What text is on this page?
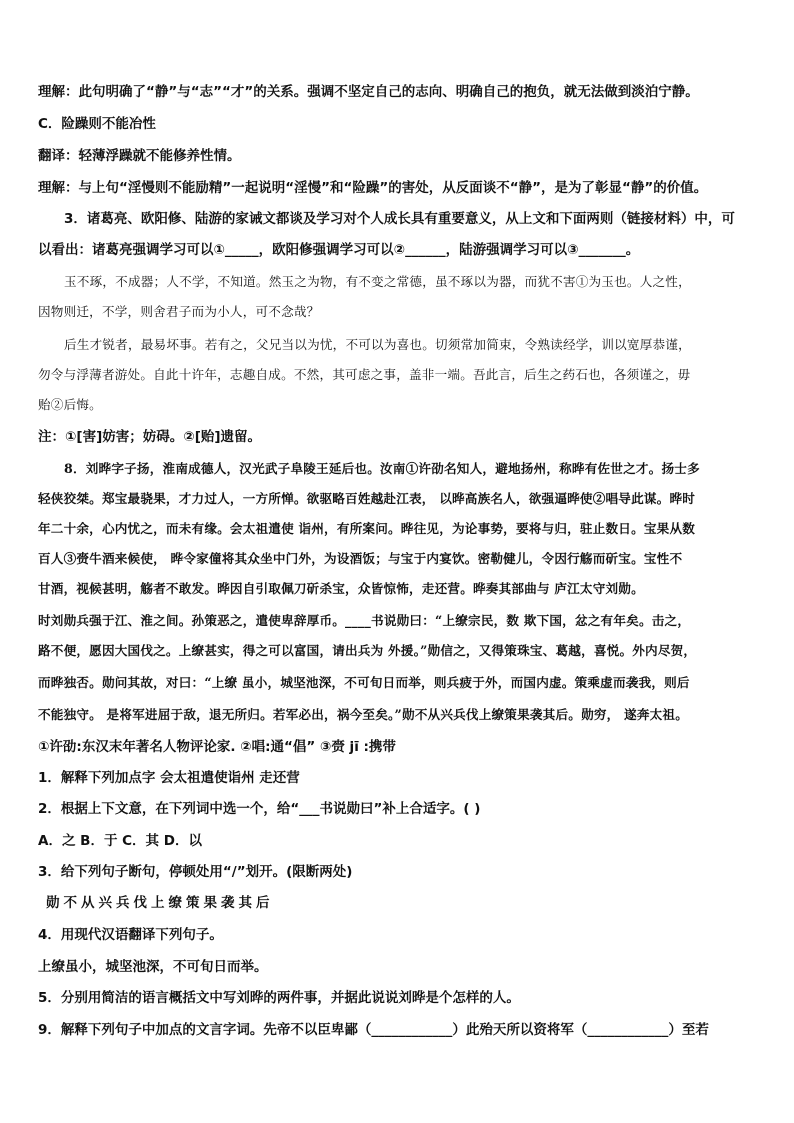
理解：此句明确了“静”与“志”“才”的关系。强调不坚定自己的志向、明确自己的抱负，就无法做到淡泊宁静。
C．险躁则不能冶性
翻译：轻薄浮躁就不能修养性情。
理解：与上句“淫慢则不能励精”一起说明“淫慢”和“险躁”的害处，从反面谈不“静”，是为了彰显“静”的价值。
3．诸葛亮、欧阳修、陆游的家诫文都谈及学习对个人成长具有重要意义，从上文和下面两则（链接材料）中，可
以看出：诸葛亮强调学习可以①_____，欧阳修强调学习可以②______，陆游强调学习可以③_______。
玉不琢，不成器；人不学，不知道。然玉之为物，有不变之常德，虽不琢以为器，而犹不害①为玉也。人之性，
因物则迁，不学，则舍君子而为小人，可不念哉？
后生才锐者，最易坏事。若有之，父兄当以为忧，不可以为喜也。切须常加简束，令熟读经学，训以宽厚恭谨，
勿令与浮薄者游处。自此十许年，志趣自成。不然，其可虑之事，盖非一端。吾此言，后生之药石也，各须谨之，毋
贻②后悔。
注：①[害]妨害；妨碍。②[贻]遗留。
8．刘晔字子扬，淮南成德人，汉光武子阜陵王延后也。汝南①许劭名知人，避地扬州，称晔有佐世之才。扬士多
轻侠狡桀。郑宝最骁果，才力过人，一方所惮。欲驱略百姓越赴江表， 以晔高族名人，欲强逼晔使②唱导此谋。晔时
年二十余，心内忧之，而未有缘。会太祖遣使 诣州，有所案问。晔往见，为论事势，要将与归，驻止数日。宝果从数
百人③赍牛酒来候使， 晔令家僮将其众坐中门外，为设酒饭；与宝于内宴饮。密勒健儿，令因行觞而斫宝。宝性不
甘酒，视候甚明，觞者不敢发。晔因自引取佩刀斫杀宝，众皆惊怖，走还营。晔奏其部曲与 庐江太守刘勋。
时刘勋兵强于江、淮之间。孙策恶之，遣使卑辞厚币。____书说勋曰：“上缭宗民，数 欺下国，忿之有年矣。击之，
路不便，愿因大国伐之。上缭甚实，得之可以富国，请出兵为 外援。”勋信之，又得策珠宝、葛越，喜悦。外内尽贺，
而晔独否。勋问其故，对曰：“上缭 虽小，城坚池深，不可旬日而举，则兵疲于外，而国内虚。策乘虚而袭我，则后
不能独守。 是将军进屈于敌，退无所归。若军必出，祸今至矣。”勋不从兴兵伐上缭策果袭其后。勋穷， 遂奔太祖。
①许劭:东汉末年著名人物评论家. ②唱:通“倡” ③赍 jī :携带
1．解释下列加点字 会太祖遣使诣州 走还营
2．根据上下文意，在下列词中选一个，给“___书说勋曰”补上合适字。( )
A．之 B．于 C．其 D．以
3．给下列句子断句，停顿处用“/”划开。(限断两处)
勋不从兴兵伐上缭策果袭其后
4．用现代汉语翻译下列句子。
上缭虽小，城坚池深，不可旬日而举。
5．分别用简洁的语言概括文中写刘晔的两件事，并据此说说刘晔是个怎样的人。
9．解释下列句子中加点的文言字词。先帝不以臣卑鄙（____________）此殆天所以资将军（____________）至若
